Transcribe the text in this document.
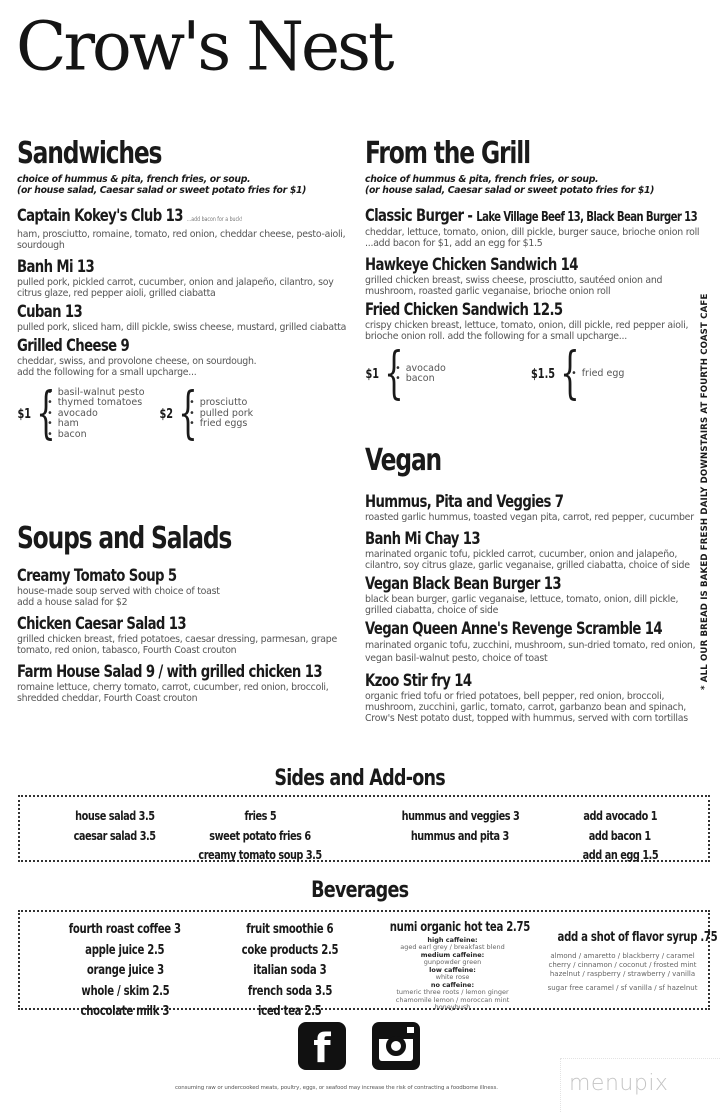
Crow's Nest
Sandwiches
choice of hummus & pita, french fries, or soup.
(or house salad, Caesar salad or sweet potato fries for $1)
Captain Kokey's Club 13 ...add bacon for a buck!
ham, prosciutto, romaine, tomato, red onion, cheddar cheese, pesto-aioli, sourdough
Banh Mi 13
pulled pork, pickled carrot, cucumber, onion and jalapeño, cilantro, soy citrus glaze, red pepper aioli, grilled ciabatta
Cuban 13
pulled pork, sliced ham, dill pickle, swiss cheese, mustard, grilled ciabatta
Grilled Cheese 9
cheddar, swiss, and provolone cheese, on sourdough.
add the following for a small upcharge...
$1 { • basil-walnut pesto
• thymed tomatoes
• avocado
• ham
• bacon
$2 { • prosciutto
• pulled pork
• fried eggs
Soups and Salads
Creamy Tomato Soup 5
house-made soup served with choice of toast
add a house salad for $2
Chicken Caesar Salad 13
grilled chicken breast, fried potatoes, caesar dressing, parmesan, grape tomato, red onion, tabasco, Fourth Coast crouton
Farm House Salad 9 / with grilled chicken 13
romaine lettuce, cherry tomato, carrot, cucumber, red onion, broccoli, shredded cheddar, Fourth Coast crouton
From the Grill
choice of hummus & pita, french fries, or soup.
(or house salad, Caesar salad or sweet potato fries for $1)
Classic Burger - Lake Village Beef 13, Black Bean Burger 13
cheddar, lettuce, tomato, onion, dill pickle, burger sauce, brioche onion roll ...add bacon for $1, add an egg for $1.5
Hawkeye Chicken Sandwich 14
grilled chicken breast, swiss cheese, prosciutto, sautéed onion and mushroom, roasted garlic veganaise, brioche onion roll
Fried Chicken Sandwich 12.5
crispy chicken breast, lettuce, tomato, onion, dill pickle, red pepper aioli, brioche onion roll. add the following for a small upcharge...
$1 { • avocado
• bacon	$1.5 { • fried egg
Vegan
Hummus, Pita and Veggies 7
roasted garlic hummus, toasted vegan pita, carrot, red pepper, cucumber
Banh Mi Chay 13
marinated organic tofu, pickled carrot, cucumber, onion and jalapeño, cilantro, soy citrus glaze, garlic veganaise, grilled ciabatta, choice of side
Vegan Black Bean Burger 13
black bean burger, garlic veganaise, lettuce, tomato, onion, dill pickle, grilled ciabatta, choice of side
Vegan Queen Anne's Revenge Scramble 14
marinated organic tofu, zucchini, mushroom, sun-dried tomato, red onion, vegan basil-walnut pesto, choice of toast
Kzoo Stir fry 14
organic fried tofu or fried potatoes, bell pepper, red onion, broccoli, mushroom, zucchini, garlic, tomato, carrot, garbanzo bean and spinach, Crow's Nest potato dust, topped with hummus, served with corn tortillas
* ALL OUR BREAD IS BAKED FRESH DAILY DOWNSTAIRS AT FOURTH COAST CAFE
Sides and Add-ons
house salad 3.5
caesar salad 3.5
fries 5
sweet potato fries 6
creamy tomato soup 3.5
hummus and veggies 3
hummus and pita 3
add avocado 1
add bacon 1
add an egg 1.5
Beverages
fourth roast coffee 3
apple juice 2.5
orange juice 3
whole / skim 2.5
chocolate milk 3
fruit smoothie 6
coke products 2.5
italian soda 3
french soda 3.5
iced tea 2.5
numi organic hot tea 2.75
high caffeine:
aged earl grey / breakfast blend
medium caffeine:
gunpowder green
low caffeine:
white rose
no caffeine:
tumeric three roots / lemon ginger
chamomile lemon / moroccan mint
honeybush
add a shot of flavor syrup .75
almond / amaretto / blackberry / caramel
cherry / cinnamon / coconut / frosted mint
hazelnut / raspberry / strawberry / vanilla
sugar free caramel / sf vanilla / sf hazelnut
f
consuming raw or undercooked meats, poultry, eggs, or seafood may increase the risk of contracting a foodborne illness.	menupix
